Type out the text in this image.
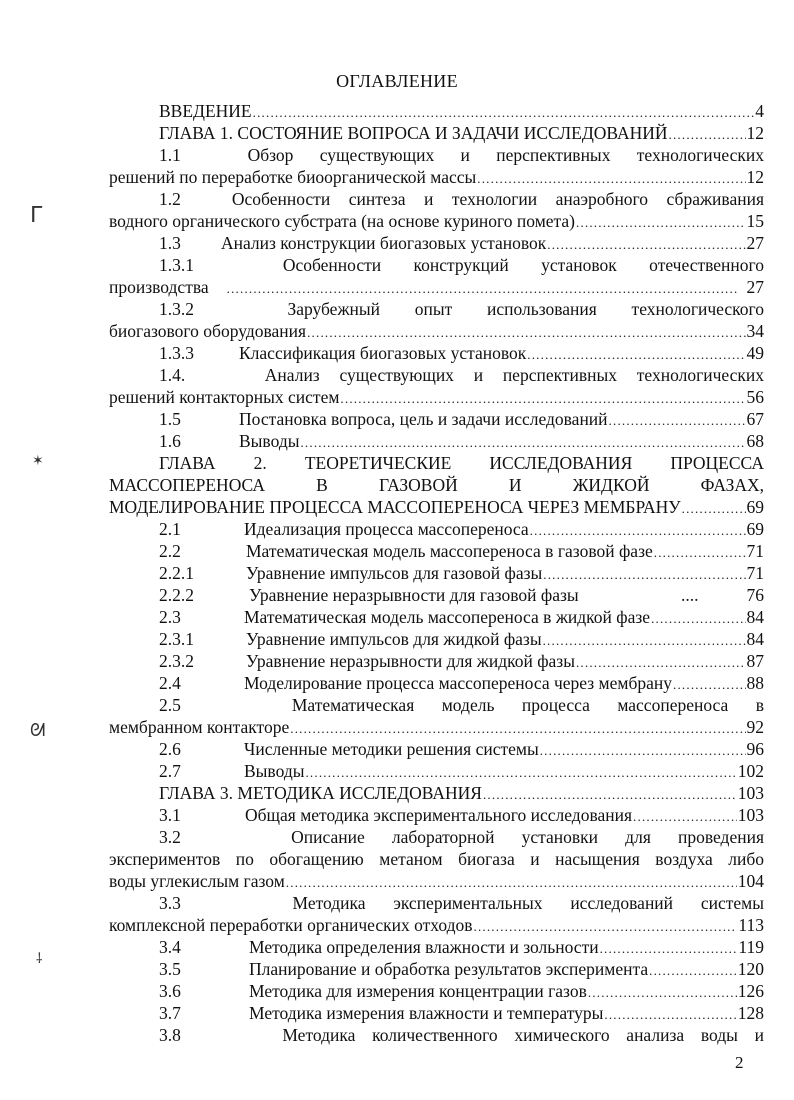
ОГЛАВЛЕНИЕ
ВВЕДЕНИЕ .....	4
ГЛАВА 1. СОСТОЯНИЕ ВОПРОСА И ЗАДАЧИ ИССЛЕДОВАНИЙ .....	12
1.1	Обзор существующих и перспективных технологических
решений по переработке биоорганической массы .....	12
1.2	Особенности синтеза и технологии анаэробного сбраживания
водного органического субстрата (на основе куриного помета) .....	15
1.3	Анализ конструкции биогазовых установок .....	27
1.3.1	Особенности конструкций установок отечественного
производства .....	27
1.3.2	Зарубежный опыт использования технологического
биогазового оборудования .....	34
1.3.3	Классификация биогазовых установок .....	49
1.4.	Анализ существующих и перспективных технологических
решений контакторных систем .....	56
1.5	Постановка вопроса, цель и задачи исследований .....	67
1.6	Выводы .....	68
ГЛАВА 2. ТЕОРЕТИЧЕСКИЕ ИССЛЕДОВАНИЯ ПРОЦЕССА
МАССОПЕРЕНОСА В ГАЗОВОЙ И ЖИДКОЙ ФАЗАХ,
МОДЕЛИРОВАНИЕ ПРОЦЕССА МАССОПЕРЕНОСА ЧЕРЕЗ МЕМБРАНУ .....	69
2.1	Идеализация процесса массопереноса .....	69
2.2	Математическая модель массопереноса в газовой фазе .....	71
2.2.1	Уравнение импульсов для газовой фазы .....	71
2.2.2	Уравнение неразрывности для газовой фазы	....	76
2.3	Математическая модель массопереноса в жидкой фазе .....	84
2.3.1	Уравнение импульсов для жидкой фазы .....	84
2.3.2	Уравнение неразрывности для жидкой фазы .....	87
2.4	Моделирование процесса массопереноса через мембрану .....	88
2.5	Математическая модель процесса массопереноса в
мембранном контакторе .....	92
2.6	Численные методики решения системы .....	96
2.7	Выводы .....	102
ГЛАВА 3. МЕТОДИКА ИССЛЕДОВАНИЯ .....	103
3.1	Общая методика экспериментального исследования .....	103
3.2	Описание лабораторной установки для проведения
экспериментов по обогащению метаном биогаза и насыщения воздуха либо
воды углекислым газом .....	104
3.3	Методика экспериментальных исследований системы
комплексной переработки органических отходов .....	113
3.4	Методика определения влажности и зольности .....	119
3.5	Планирование и обработка результатов эксперимента .....	120
3.6	Методика для измерения концентрации газов .....	126
3.7	Методика измерения влажности и температуры .....	128
3.8	Методика количественного химического анализа воды и
ᒥ
✶
ᘛ
⸸
2
